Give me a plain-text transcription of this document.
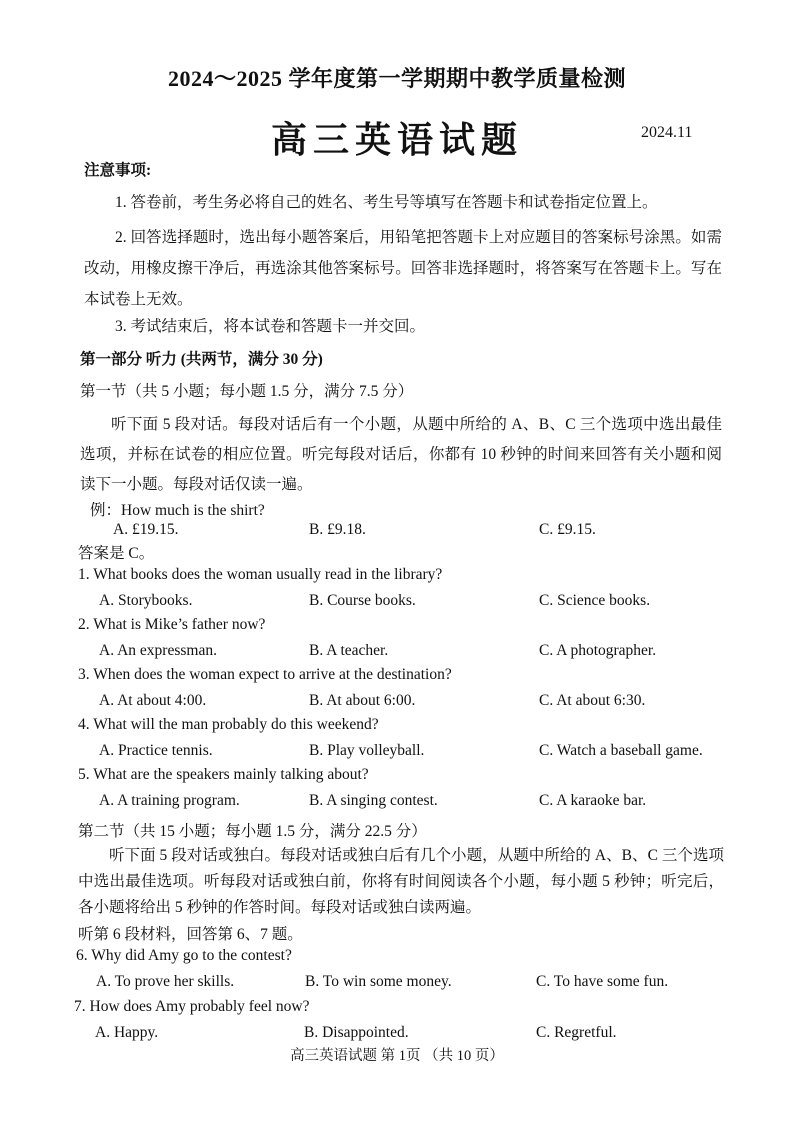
2024～2025 学年度第一学期期中教学质量检测
高三英语试题	2024.11
注意事项:
1. 答卷前，考生务必将自己的姓名、考生号等填写在答题卡和试卷指定位置上。
2. 回答选择题时，选出每小题答案后，用铅笔把答题卡上对应题目的答案标号涂黑。如需改动，用橡皮擦干净后，再选涂其他答案标号。回答非选择题时，将答案写在答题卡上。写在本试卷上无效。
3. 考试结束后，将本试卷和答题卡一并交回。
第一部分 听力 (共两节，满分 30 分)
第一节（共 5 小题；每小题 1.5 分，满分 7.5 分）
听下面 5 段对话。每段对话后有一个小题，从题中所给的 A、B、C 三个选项中选出最佳选项，并标在试卷的相应位置。听完每段对话后，你都有 10 秒钟的时间来回答有关小题和阅读下一小题。每段对话仅读一遍。
例：How much is the shirt?
A. £19.15.	B. £9.18.	C. £9.15.
答案是 C。
1. What books does the woman usually read in the library?
A. Storybooks.	B. Course books.	C. Science books.
2. What is Mike’s father now?
A. An expressman.	B. A teacher.	C. A photographer.
3. When does the woman expect to arrive at the destination?
A. At about 4:00.	B. At about 6:00.	C. At about 6:30.
4. What will the man probably do this weekend?
A. Practice tennis.	B. Play volleyball.	C. Watch a baseball game.
5. What are the speakers mainly talking about?
A. A training program.	B. A singing contest.	C. A karaoke bar.
第二节（共 15 小题；每小题 1.5 分，满分 22.5 分）
听下面 5 段对话或独白。每段对话或独白后有几个小题，从题中所给的 A、B、C 三个选项中选出最佳选项。听每段对话或独白前，你将有时间阅读各个小题，每小题 5 秒钟；听完后，各小题将给出 5 秒钟的作答时间。每段对话或独白读两遍。
听第 6 段材料，回答第 6、7 题。
6. Why did Amy go to the contest?
A. To prove her skills.	B. To win some money.	C. To have some fun.
7. How does Amy probably feel now?
A. Happy.	B. Disappointed.	C. Regretful.
高三英语试题 第 1页 （共 10 页）
